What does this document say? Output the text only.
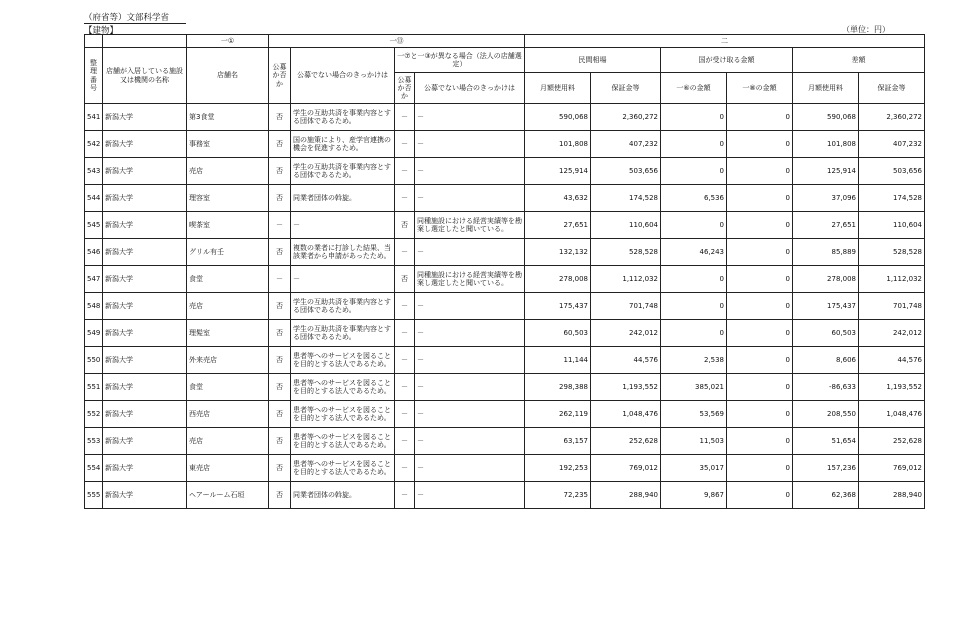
（府省等）文部科学省
【建物】	（単位：円）
		一①	一⑬				二					
整理番号	店舗が入居している施設又は機関の名称	店舗名	公募か否か	公募でない場合のきっかけは	一⑦と一③が異なる場合（法人の店舗選定）		民間相場		国が受け取る金額		差額	
					公募か否か	公募でない場合のきっかけは	月額使用料	保証金等	一⑥の金額	一⑧の金額	月額使用料	保証金等
541	新潟大学	第3食堂	否	学生の互助共済を事業内容とする団体であるため。	－	－	590,068	2,360,272	0	0	590,068	2,360,272
542	新潟大学	事務室	否	国の施策により、産学官連携の機会を促進するため。	－	－	101,808	407,232	0	0	101,808	407,232
543	新潟大学	売店	否	学生の互助共済を事業内容とする団体であるため。	－	－	125,914	503,656	0	0	125,914	503,656
544	新潟大学	理容室	否	同業者団体の斡旋。	－	－	43,632	174,528	6,536	0	37,096	174,528
545	新潟大学	喫茶室	－	－	否	同種施設における経営実績等を勘案し選定したと聞いている。	27,651	110,604	0	0	27,651	110,604
546	新潟大学	グリル有壬	否	複数の業者に打診した結果、当該業者から申請があったため。	－	－	132,132	528,528	46,243	0	85,889	528,528
547	新潟大学	食堂	－	－	否	同種施設における経営実績等を勘案し選定したと聞いている。	278,008	1,112,032	0	0	278,008	1,112,032
548	新潟大学	売店	否	学生の互助共済を事業内容とする団体であるため。	－	－	175,437	701,748	0	0	175,437	701,748
549	新潟大学	理髪室	否	学生の互助共済を事業内容とする団体であるため。	－	－	60,503	242,012	0	0	60,503	242,012
550	新潟大学	外来売店	否	患者等へのサービスを図ることを目的とする法人であるため。	－	－	11,144	44,576	2,538	0	8,606	44,576
551	新潟大学	食堂	否	患者等へのサービスを図ることを目的とする法人であるため。	－	－	298,388	1,193,552	385,021	0	-86,633	1,193,552
552	新潟大学	西売店	否	患者等へのサービスを図ることを目的とする法人であるため。	－	－	262,119	1,048,476	53,569	0	208,550	1,048,476
553	新潟大学	売店	否	患者等へのサービスを図ることを目的とする法人であるため。	－	－	63,157	252,628	11,503	0	51,654	252,628
554	新潟大学	東売店	否	患者等へのサービスを図ることを目的とする法人であるため。	－	－	192,253	769,012	35,017	0	157,236	769,012
555	新潟大学	ヘアールーム石垣	否	同業者団体の斡旋。	－	－	72,235	288,940	9,867	0	62,368	288,940
